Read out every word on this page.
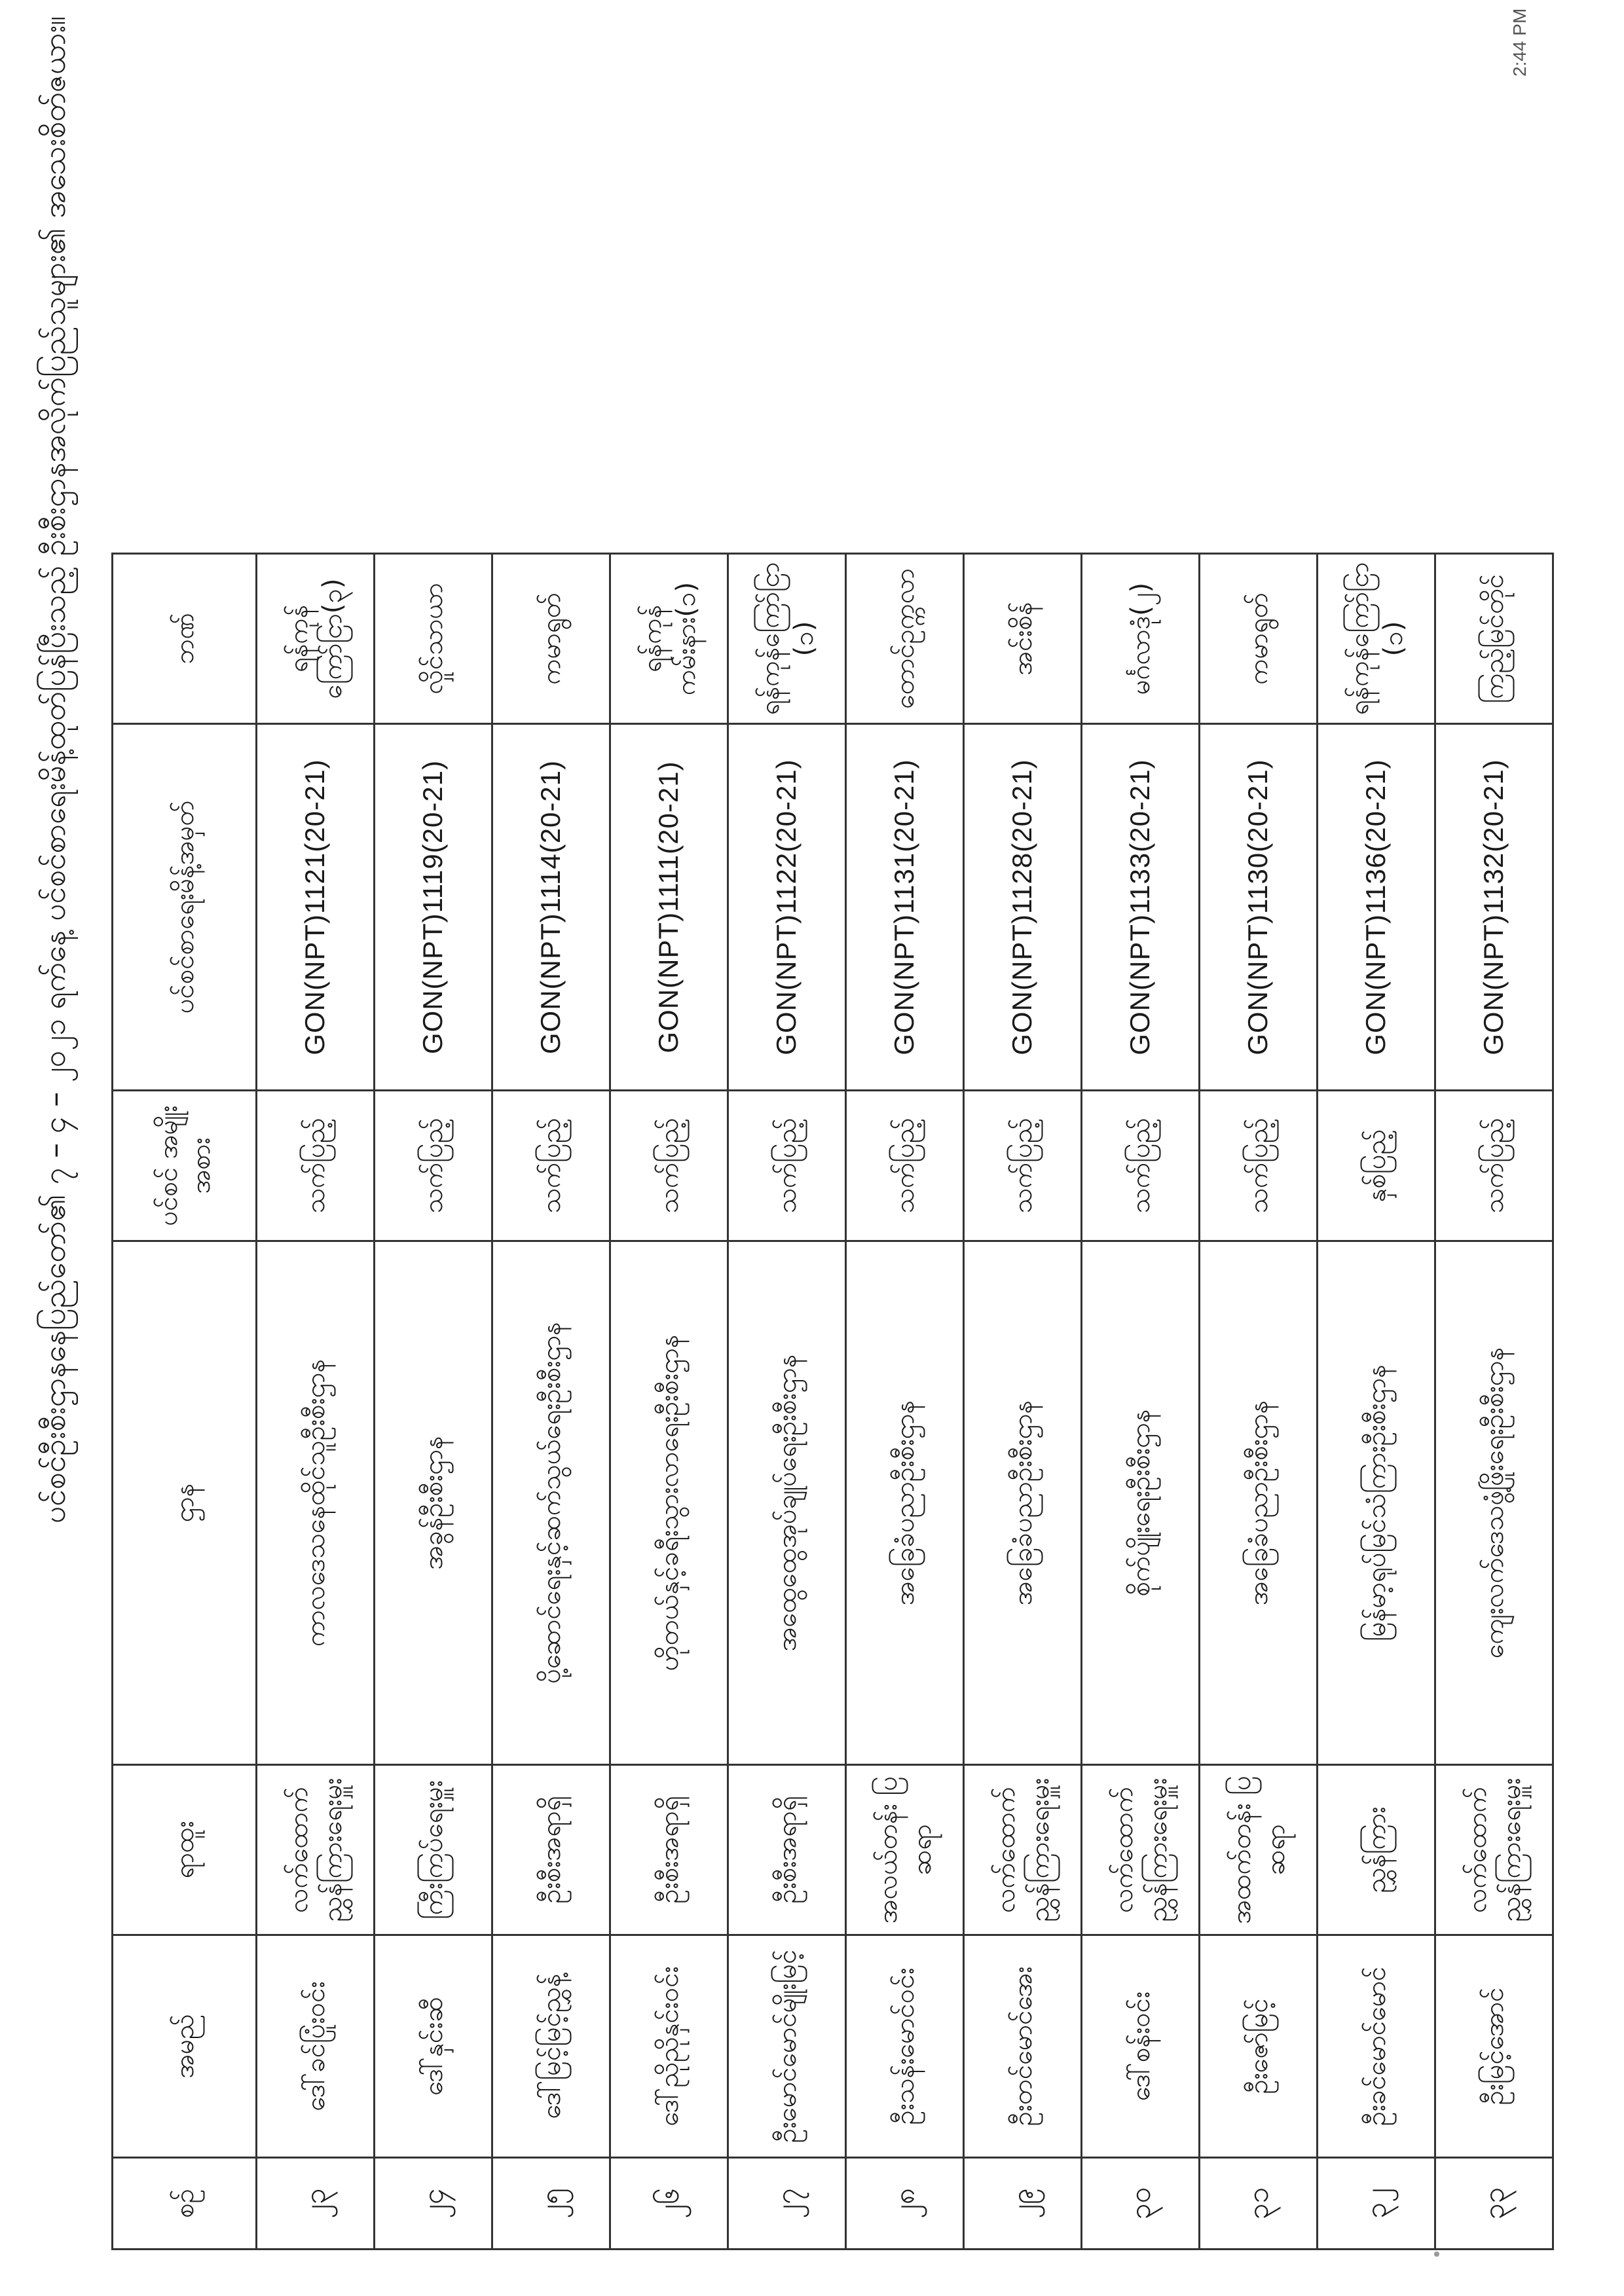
ပင်စင်ဦးစီးဌာနနေပြည်တော်၏ ၇ – ၄ – ၂၀၂၁ ရက်နေ့ ပင်စင်စာရေးမိန့်ထုတ်ပြန်ပြီးသည့် ဦးစီးဌာနအလိုက်ပြည်သူများ၏ အသေးစိတ်ဇယား။	2:44 PM
စဉ်	အမည်	ရာထူး	ဌာန	ပင်စင် အမျိုးအစား	ပင်စင်စာရေးမိန့်အမှတ်	ဘဏ်
၂၃	ဒေါ်ခင်ပြုံးဝင်း	လက်ထောက်ညွှန်ကြားရေးမှူး	ကာလဒေသနေထိုင်သူဦးစီးဌာန	သက်ပြည့်	GON(NPT)1121(20-21)	ရန်ကုန်ကြော်ငြာ(၃)
၂၄	ဒေါ်နှင်းဆီ	ကြီးကြပ်ရေးမှူး	အခွန်ဦးစီးဌာန	သက်ပြည့်	GON(NPT)1119(20-21)	လှိုင်သာယာ
၂၅	ဒေါ်မြင့်မြင့်ညွှန့်	ဦးစီးအရာရှိ	ပို့ဆောင်ရေးနှင့်ဆက်သွယ်ရေးဦးစီးဌာန	သက်ပြည့်	GON(NPT)1114(20-21)	ကမာရွတ်
၂၆	ဒေါ်ညိုညိုနှင်းဝင်း	ဦးစီးအရာရှိ	ဟိုတယ်နှင့်ခရီးသွားလာရေးဦးစီးဌာန	သက်ပြည့်	GON(NPT)1111(20-21)	ရန်ကုန်ကမ်းနား(၁)
၂၇	ဦးမောင်မောင်မျိုးမြင့်	ဦးစီးအရာရှိ	အထွေထွေအုပ်ချုပ်ရေးဦးစီးဌာန	သက်ပြည့်	GON(NPT)1122(20-21)	ရန်ကုန်ကြော်ငြာ (၁)
၂၈	ဦးသန်းမောင်ဝင်း	အလယ်တန်း ပြဆရာ	အခြေခံပညာဦးစီးဌာန	သက်ပြည့်	GON(NPT)1131(20-21)	တောင်ဥက္ကလာ
၂၉	ဦးတင်မောင်အေး	လက်ထောက်ညွှန်ကြားရေးမှူး	အခြေခံပညာဦးစီးဌာန	သက်ပြည့်	GON(NPT)1128(20-21)	အင်းစိန်
၃၀	ဒေါ်စန်းဝင်း	လက်ထောက်ညွှန်ကြားရေးမှူး	စိုက်ပျိုးရေးဦးစီးဌာန	သက်ပြည့်	GON(NPT)1133(20-21)	မင်္ဂလာဒုံ(၂)
၃၁	ဦးဇော်မြင့်	အထက်တန်း ပြဆရာ	အခြေခံပညာဦးစီးဌာန	သက်ပြည့်	GON(NPT)1130(20-21)	ကမာရွတ်
၃၂	ဦးခင်မောင်မောင်	ညွှန်ကြား	မြန်မာ့ရုပ်မြင်သံကြားဦးစီးဌာန	နှစ်ပြည့်	GON(NPT)1136(20-21)	ရန်ကုန်ကြော်ငြာ (၁)
၃၃	ဦးမြင့်အောင်	လက်ထောက်ညွှန်ကြားရေးမှူး	ကျေးလက်ဒေသဖွံ့ဖြိုးရေးဦးစီးဌာန	သက်ပြည့်	GON(NPT)1132(20-21)	ကြည့်မြင်တိုင်
